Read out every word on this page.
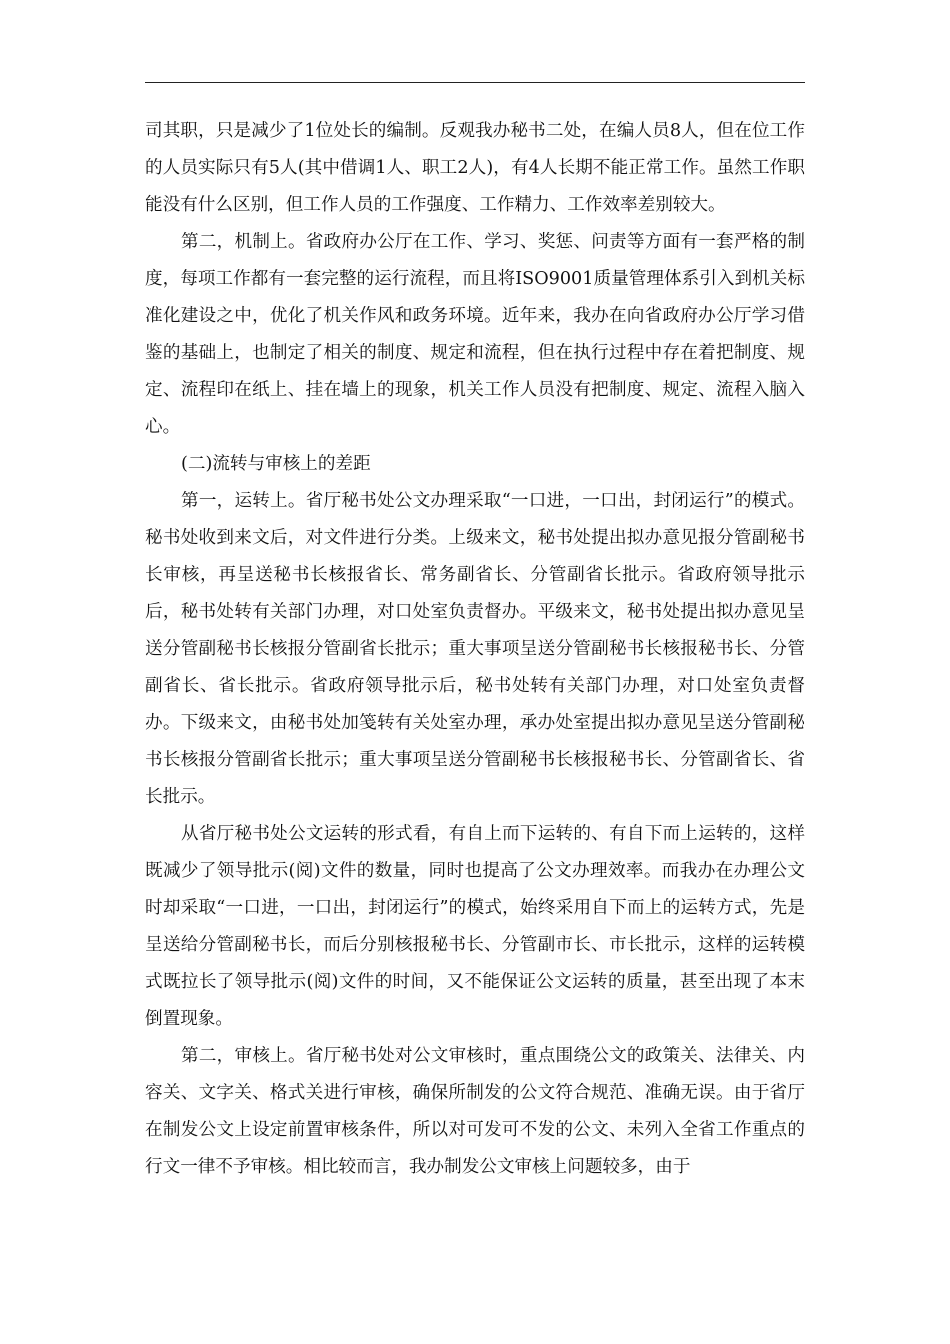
司其职，只是减少了1位处长的编制。反观我办秘书二处，在编人员8人，但在位工作的人员实际只有5人(其中借调1人、职工2人)，有4人长期不能正常工作。虽然工作职能没有什么区别，但工作人员的工作强度、工作精力、工作效率差别较大。

第二，机制上。省政府办公厅在工作、学习、奖惩、问责等方面有一套严格的制度，每项工作都有一套完整的运行流程，而且将ISO9001质量管理体系引入到机关标准化建设之中，优化了机关作风和政务环境。近年来，我办在向省政府办公厅学习借鉴的基础上，也制定了相关的制度、规定和流程，但在执行过程中存在着把制度、规定、流程印在纸上、挂在墙上的现象，机关工作人员没有把制度、规定、流程入脑入心。

(二)流转与审核上的差距

第一，运转上。省厅秘书处公文办理采取“一口进，一口出，封闭运行”的模式。秘书处收到来文后，对文件进行分类。上级来文，秘书处提出拟办意见报分管副秘书长审核，再呈送秘书长核报省长、常务副省长、分管副省长批示。省政府领导批示后，秘书处转有关部门办理，对口处室负责督办。平级来文，秘书处提出拟办意见呈送分管副秘书长核报分管副省长批示；重大事项呈送分管副秘书长核报秘书长、分管副省长、省长批示。省政府领导批示后，秘书处转有关部门办理，对口处室负责督办。下级来文，由秘书处加笺转有关处室办理，承办处室提出拟办意见呈送分管副秘书长核报分管副省长批示；重大事项呈送分管副秘书长核报秘书长、分管副省长、省长批示。

从省厅秘书处公文运转的形式看，有自上而下运转的、有自下而上运转的，这样既减少了领导批示(阅)文件的数量，同时也提高了公文办理效率。而我办在办理公文时却采取“一口进，一口出，封闭运行”的模式，始终采用自下而上的运转方式，先是呈送给分管副秘书长，而后分别核报秘书长、分管副市长、市长批示，这样的运转模式既拉长了领导批示(阅)文件的时间，又不能保证公文运转的质量，甚至出现了本末倒置现象。

第二，审核上。省厅秘书处对公文审核时，重点围绕公文的政策关、法律关、内容关、文字关、格式关进行审核，确保所制发的公文符合规范、准确无误。由于省厅在制发公文上设定前置审核条件，所以对可发可不发的公文、未列入全省工作重点的行文一律不予审核。相比较而言，我办制发公文审核上问题较多，由于
